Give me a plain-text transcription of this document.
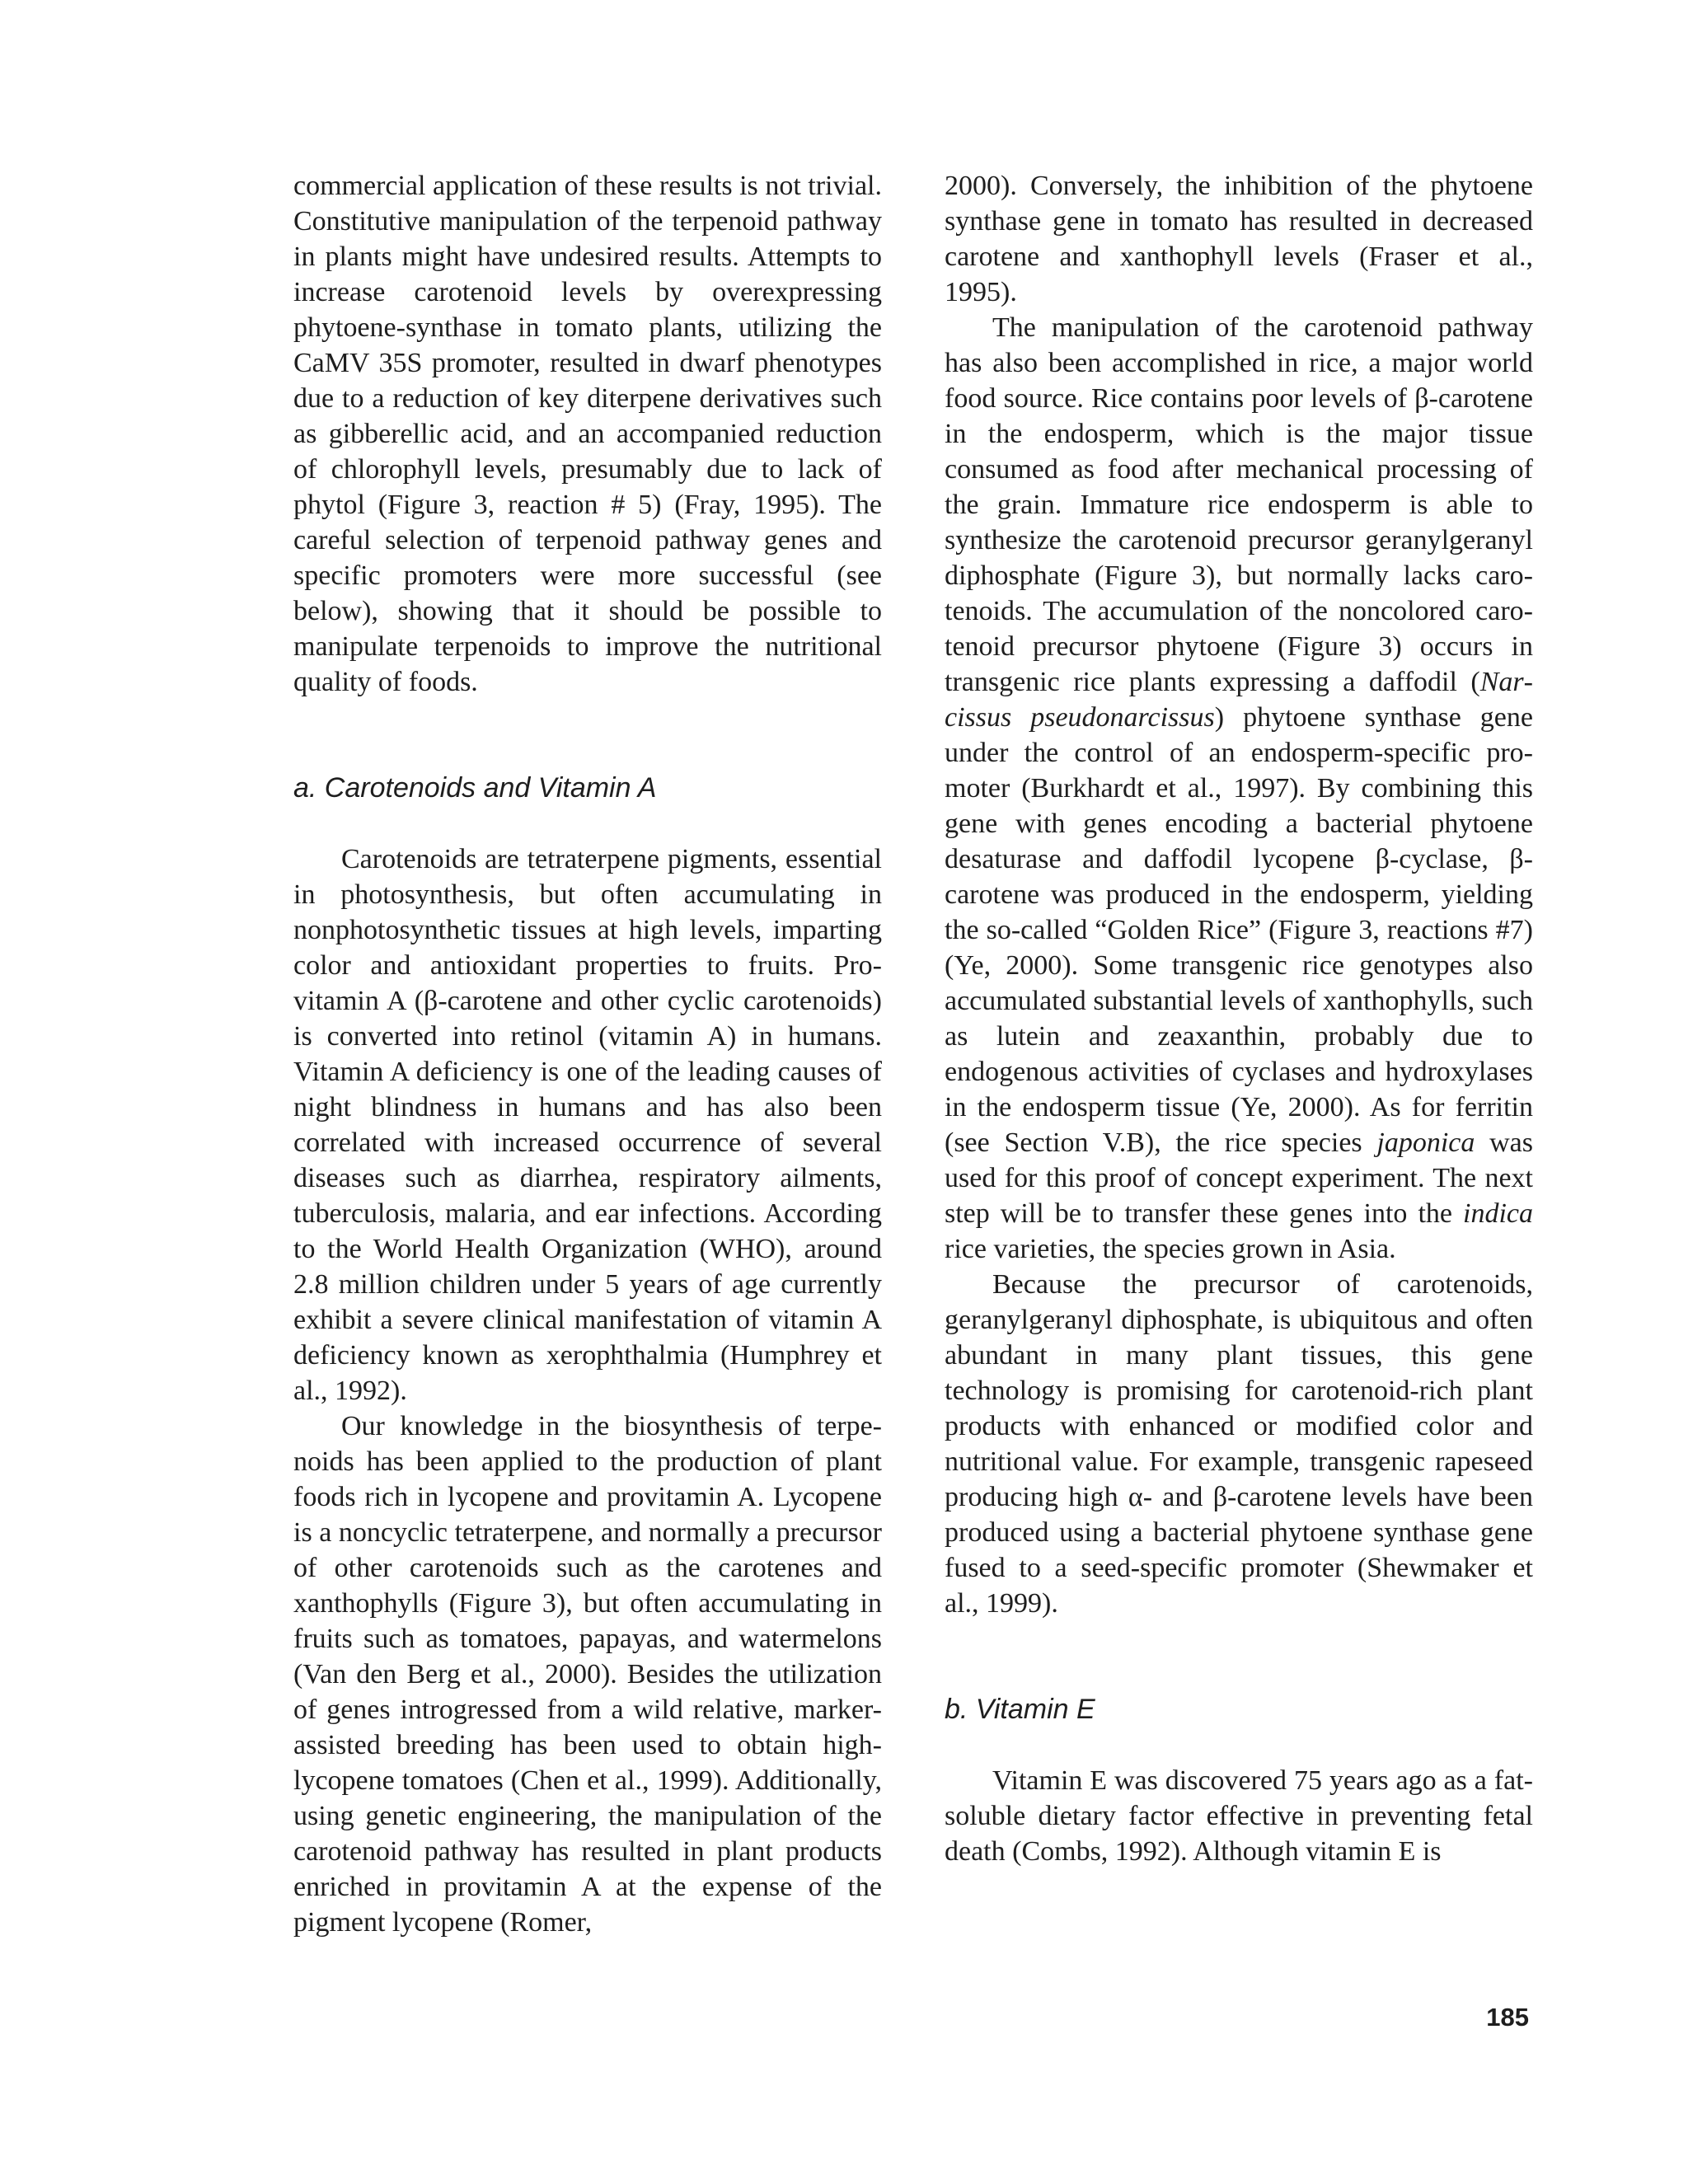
commercial application of these results is not trivial. Constitutive manipulation of the terpenoid pathway in plants might have undesired results. Attempts to increase carotenoid levels by overexpressing phytoene-synthase in tomato plants, utilizing the CaMV 35S promoter, resulted in dwarf phenotypes due to a reduction of key diterpene derivatives such as gibberellic acid, and an accompanied reduction of chlorophyll levels, presumably due to lack of phytol (Figure 3, reaction # 5) (Fray, 1995). The careful selection of terpenoid pathway genes and specific promoters were more successful (see below), showing that it should be possible to manipulate terpenoids to improve the nutritional quality of foods.

a. Carotenoids and Vitamin A

Carotenoids are tetraterpene pigments, essential in photosynthesis, but often accumulating in nonphotosynthetic tissues at high levels, imparting color and antioxidant properties to fruits. Provitamin A (β-carotene and other cyclic carotenoids) is converted into retinol (vitamin A) in humans. Vitamin A deficiency is one of the leading causes of night blindness in humans and has also been correlated with increased occurrence of several diseases such as diarrhea, respiratory ailments, tuberculosis, malaria, and ear infections. According to the World Health Organization (WHO), around 2.8 million children under 5 years of age currently exhibit a severe clinical manifestation of vitamin A deficiency known as xerophthalmia (Humphrey et al., 1992).

Our knowledge in the biosynthesis of terpenoids has been applied to the production of plant foods rich in lycopene and provitamin A. Lycopene is a noncyclic tetraterpene, and normally a precursor of other carotenoids such as the carotenes and xanthophylls (Figure 3), but often accumulating in fruits such as tomatoes, papayas, and watermelons (Van den Berg et al., 2000). Besides the utilization of genes introgressed from a wild relative, marker-assisted breeding has been used to obtain high-lycopene tomatoes (Chen et al., 1999). Additionally, using genetic engineering, the manipulation of the carotenoid pathway has resulted in plant products enriched in provitamin A at the expense of the pigment lycopene (Romer,

2000). Conversely, the inhibition of the phytoene synthase gene in tomato has resulted in decreased carotene and xanthophyll levels (Fraser et al., 1995).

The manipulation of the carotenoid pathway has also been accomplished in rice, a major world food source. Rice contains poor levels of β-carotene in the endosperm, which is the major tissue consumed as food after mechanical processing of the grain. Immature rice endosperm is able to synthesize the carotenoid precursor geranylgeranyl diphosphate (Figure 3), but normally lacks carotenoids. The accumulation of the noncolored carotenoid precursor phytoene (Figure 3) occurs in transgenic rice plants expressing a daffodil (Narcissus pseudonarcissus) phytoene synthase gene under the control of an endosperm-specific promoter (Burkhardt et al., 1997). By combining this gene with genes encoding a bacterial phytoene desaturase and daffodil lycopene β-cyclase, β-carotene was produced in the endosperm, yielding the so-called “Golden Rice” (Figure 3, reactions #7) (Ye, 2000). Some transgenic rice genotypes also accumulated substantial levels of xanthophylls, such as lutein and zeaxanthin, probably due to endogenous activities of cyclases and hydroxylases in the endosperm tissue (Ye, 2000). As for ferritin (see Section V.B), the rice species japonica was used for this proof of concept experiment. The next step will be to transfer these genes into the indica rice varieties, the species grown in Asia.

Because the precursor of carotenoids, geranylgeranyl diphosphate, is ubiquitous and often abundant in many plant tissues, this gene technology is promising for carotenoid-rich plant products with enhanced or modified color and nutritional value. For example, transgenic rapeseed producing high α- and β-carotene levels have been produced using a bacterial phytoene synthase gene fused to a seed-specific promoter (Shewmaker et al., 1999).

b. Vitamin E

Vitamin E was discovered 75 years ago as a fat-soluble dietary factor effective in preventing fetal death (Combs, 1992). Although vitamin E is

185
